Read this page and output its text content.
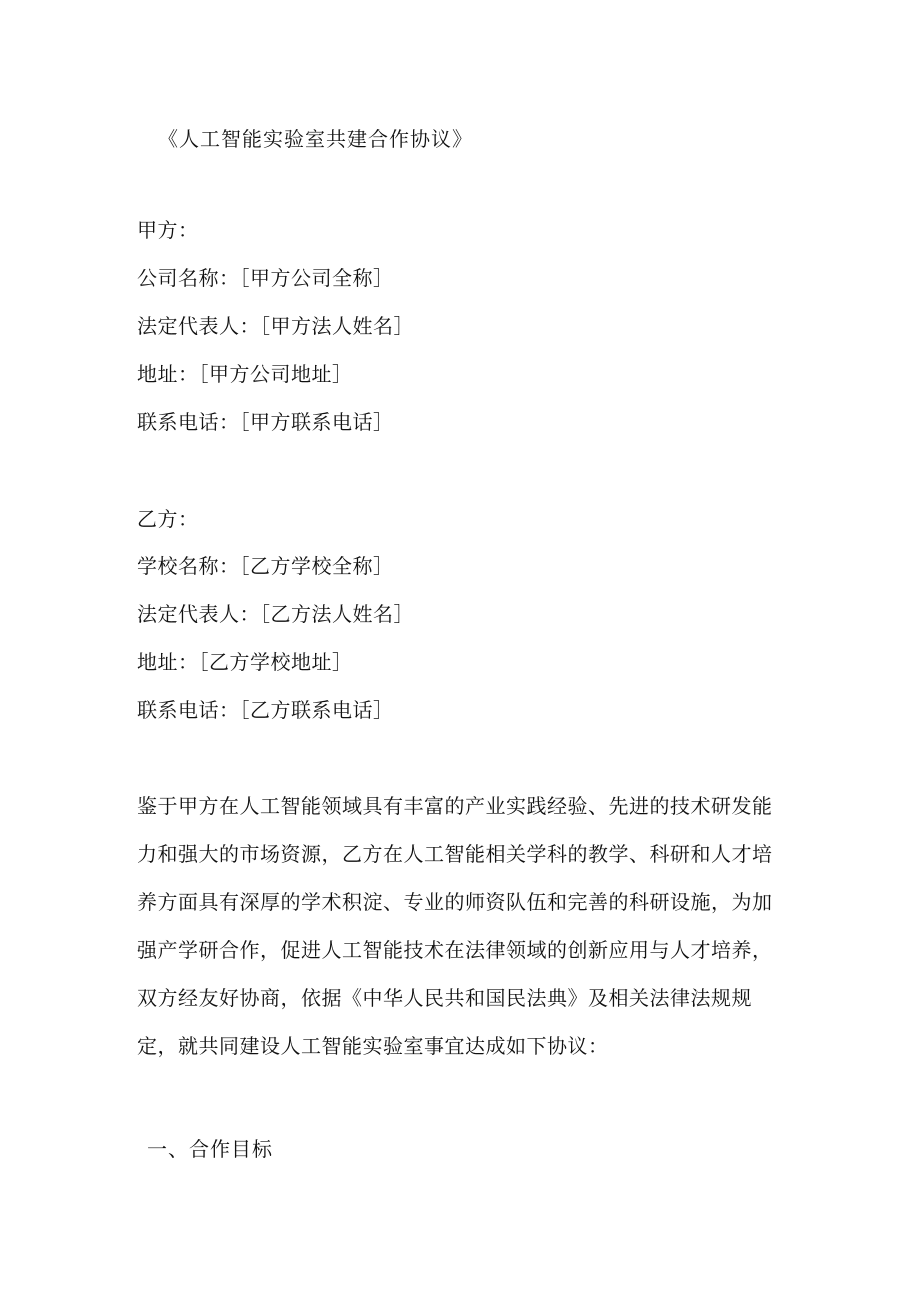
《人工智能实验室共建合作协议》
甲方：
公司名称：［甲方公司全称］
法定代表人：［甲方法人姓名］
地址：［甲方公司地址］
联系电话：［甲方联系电话］
乙方：
学校名称：［乙方学校全称］
法定代表人：［乙方法人姓名］
地址：［乙方学校地址］
联系电话：［乙方联系电话］
鉴于甲方在人工智能领域具有丰富的产业实践经验、先进的技术研发能
力和强大的市场资源，乙方在人工智能相关学科的教学、科研和人才培
养方面具有深厚的学术积淀、专业的师资队伍和完善的科研设施，为加
强产学研合作，促进人工智能技术在法律领域的创新应用与人才培养，
双方经友好协商，依据《中华人民共和国民法典》及相关法律法规规
定，就共同建设人工智能实验室事宜达成如下协议：
一、合作目标
